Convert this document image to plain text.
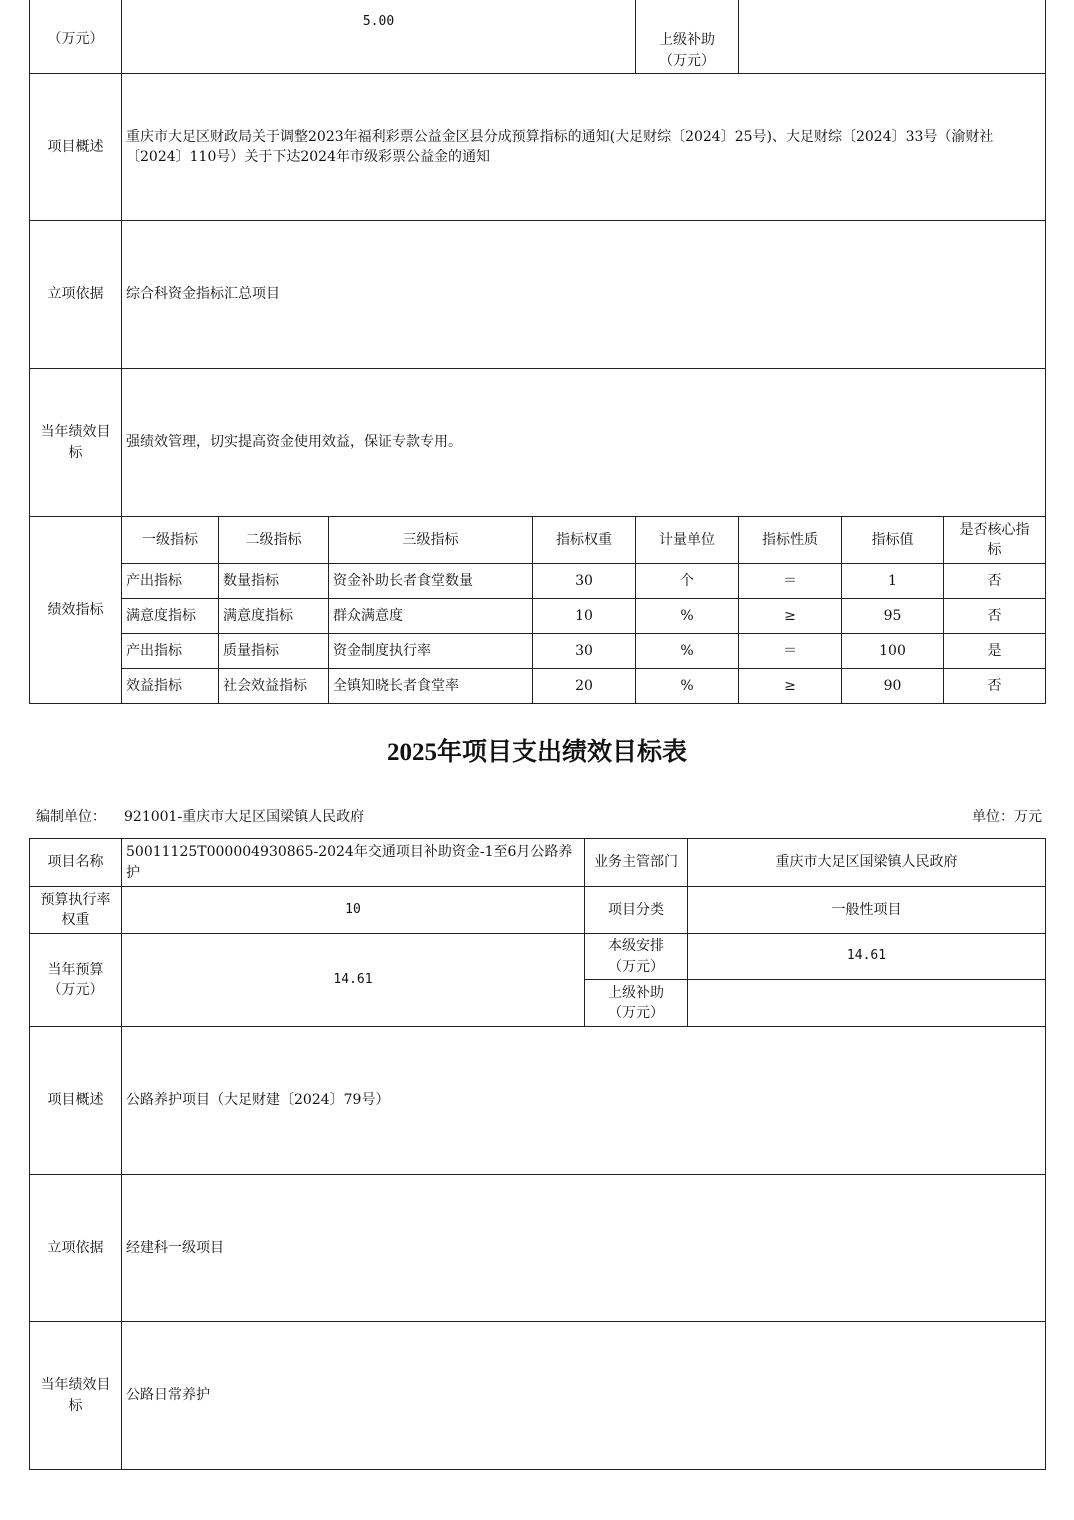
（万元）	5.00				上级补助（万元）			
项目概述	重庆市大足区财政局关于调整2023年福利彩票公益金区县分成预算指标的通知(大足财综〔2024〕25号)、大足财综〔2024〕33号（渝财社〔2024〕110号）关于下达2024年市级彩票公益金的通知							
立项依据	综合科资金指标汇总项目							
当年绩效目标	强绩效管理，切实提高资金使用效益，保证专款专用。							
绩效指标	一级指标	二级指标	三级指标	指标权重	计量单位	指标性质	指标值	是否核心指标
	产出指标	数量指标	资金补助长者食堂数量	30	个	＝	1	否
	满意度指标	满意度指标	群众满意度	10	%	≥	95	否
	产出指标	质量指标	资金制度执行率	30	%	＝	100	是
	效益指标	社会效益指标	全镇知晓长者食堂率	20	%	≥	90	否
2025年项目支出绩效目标表
编制单位： 921001-重庆市大足区国梁镇人民政府	单位：万元
项目名称	50011125T000004930865-2024年交通项目补助资金-1至6月公路养护	业务主管部门	重庆市大足区国梁镇人民政府
预算执行率权重	10	项目分类	一般性项目
当年预算（万元）	14.61	本级安排（万元）	14.61
		上级补助（万元）	
项目概述	公路养护项目（大足财建〔2024〕79号）		
立项依据	经建科一级项目		
当年绩效目标	公路日常养护		
